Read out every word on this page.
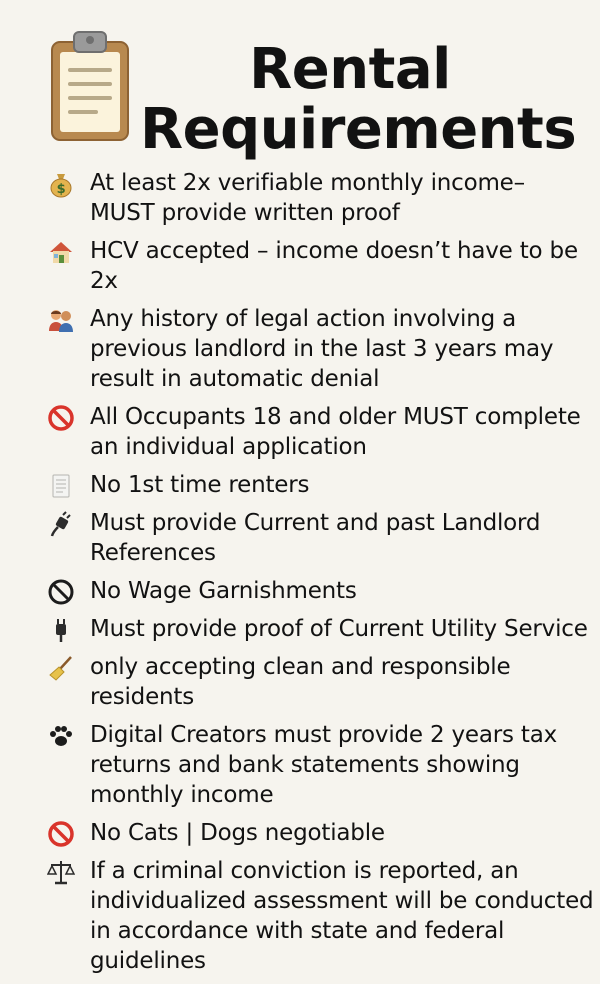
Rental
Requirements
$ At least 2x verifiable monthly income– MUST provide written proof
HCV accepted – income doesn’t have to be 2x
Any history of legal action involving a previous landlord in the last 3 years may result in automatic denial
All Occupants 18 and older MUST complete an individual application
No 1st time renters
Must provide Current and past Landlord References
No Wage Garnishments
Must provide proof of Current Utility Service
only accepting clean and responsible residents
Digital Creators must provide 2 years tax returns and bank statements showing monthly income
No Cats | Dogs negotiable
If a criminal conviction is reported, an individualized assessment will be conducted in accordance with state and federal guidelines
